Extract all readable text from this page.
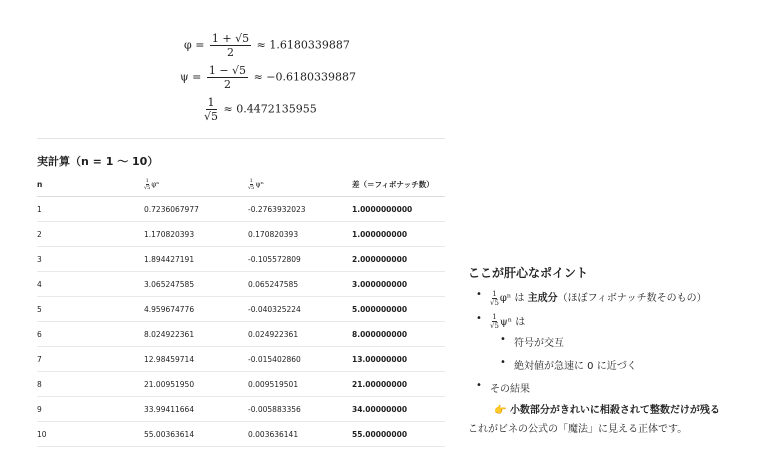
$\varphi = \frac{1 + √5}{2} \approx 1.6180339887$
$\psi = \frac{1 - √5}{2} \approx -0.6180339887$
$\frac{1}{√5} \approx 0.4472135955$
実計算（n = 1 〜 10）
n	$\frac{1}{√5}$ φⁿ	$\frac{1}{√5}$ ψⁿ	差（＝フィボナッチ数）
1	0.7236067977	-0.2763932023	1.0000000000
2	1.170820393	0.170820393	1.000000000
3	1.894427191	-0.105572809	2.000000000
4	3.065247585	0.065247585	3.000000000
5	4.959674776	-0.040325224	5.000000000
6	8.024922361	0.024922361	8.000000000
7	12.98459714	-0.015402860	13.00000000
8	21.00951950	0.009519501	21.00000000
9	33.99411664	-0.005883356	34.00000000
10	55.00363614	0.003636141	55.00000000
ここが肝心なポイント
• $\frac{1}{√5}$ φⁿ は 主成分（ほぼフィボナッチ数そのもの）
• $\frac{1}{√5}$ ψⁿ は
• 符号が交互
• 絶対値が急速に 0 に近づく
• その結果
👉 小数部分がきれいに相殺されて整数だけが残る
これがビネの公式の「魔法」に見える正体です。
